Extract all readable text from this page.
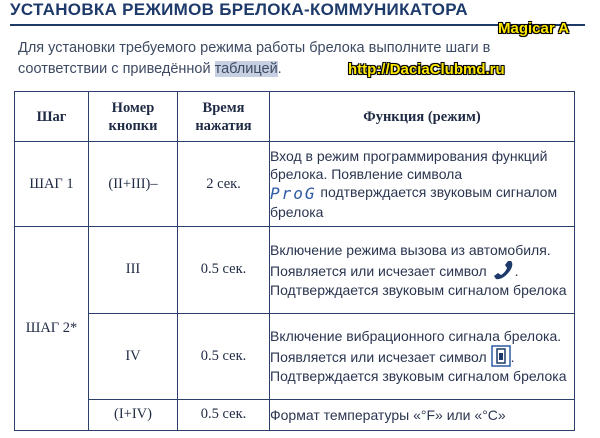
УСТАНОВКА РЕЖИМОВ БРЕЛОКА-КОММУНИКАТОРА
Magicar A
Для установки требуемого режима работы брелока выполните шаги в соответствии с приведённой таблицей.	http://DaciaClubmd.ru
Шаг	Номер кнопки	Время нажатия	Функция (режим)
ШАГ 1	(II+III)–	2 сек.	Вход в режим программирования функций брелока. Появление символа
ProG подтверждается звуковым сигналом брелока
ШАГ 2*	III	0.5 сек.	Включение режима вызова из автомобиля. Появляется или исчезает символ . Подтверждается звуковым сигналом брелока
	IV	0.5 сек.	Включение вибрационного сигнала брелока. Появляется или исчезает символ . Подтверждается звуковым сигналом брелока
	(I+IV)	0.5 сек.	Формат температуры «°F» или «°C»
